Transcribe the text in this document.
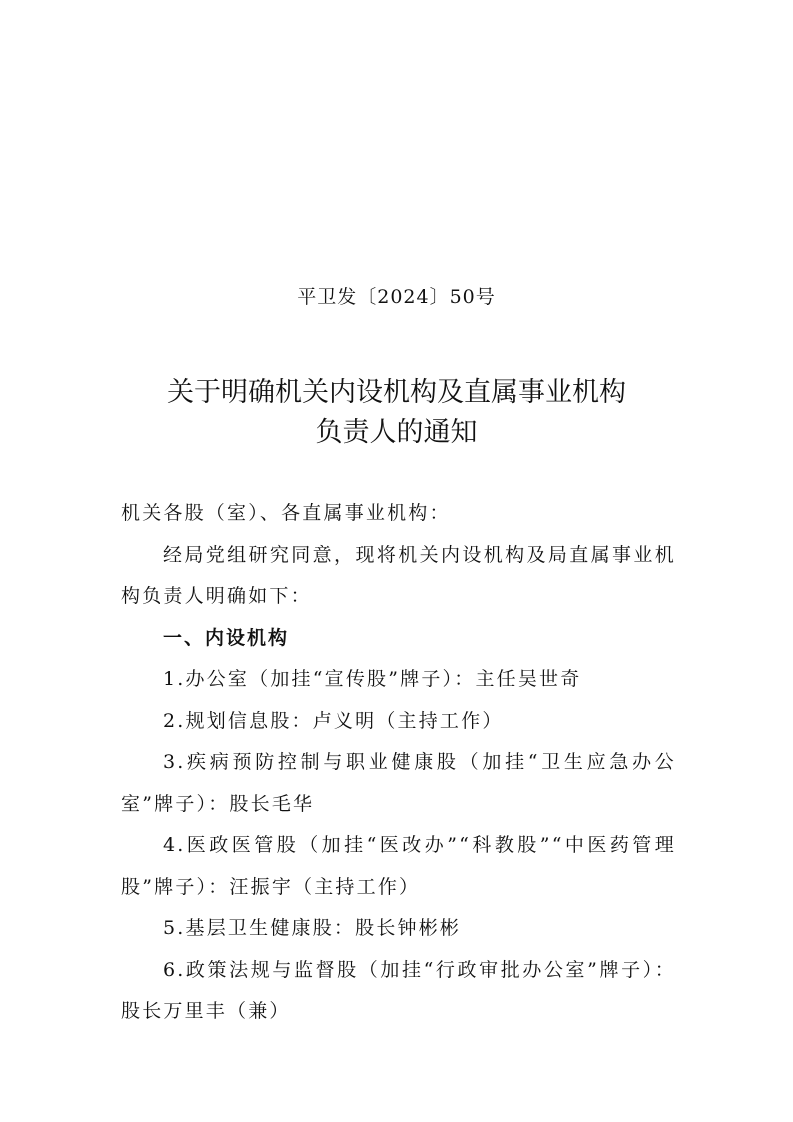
平卫发〔2024〕50号
关于明确机关内设机构及直属事业机构
负责人的通知

机关各股（室）、各直属事业机构：

经局党组研究同意，现将机关内设机构及局直属事业机构负责人明确如下：

一、内设机构

1.办公室（加挂“宣传股”牌子）：主任吴世奇

2.规划信息股：卢义明（主持工作）

3.疾病预防控制与职业健康股（加挂“卫生应急办公室”牌子）：股长毛华

4.医政医管股（加挂“医改办”“科教股”“中医药管理股”牌子）：汪振宇（主持工作）

5.基层卫生健康股：股长钟彬彬

6.政策法规与监督股（加挂“行政审批办公室”牌子）：股长万里丰（兼）
